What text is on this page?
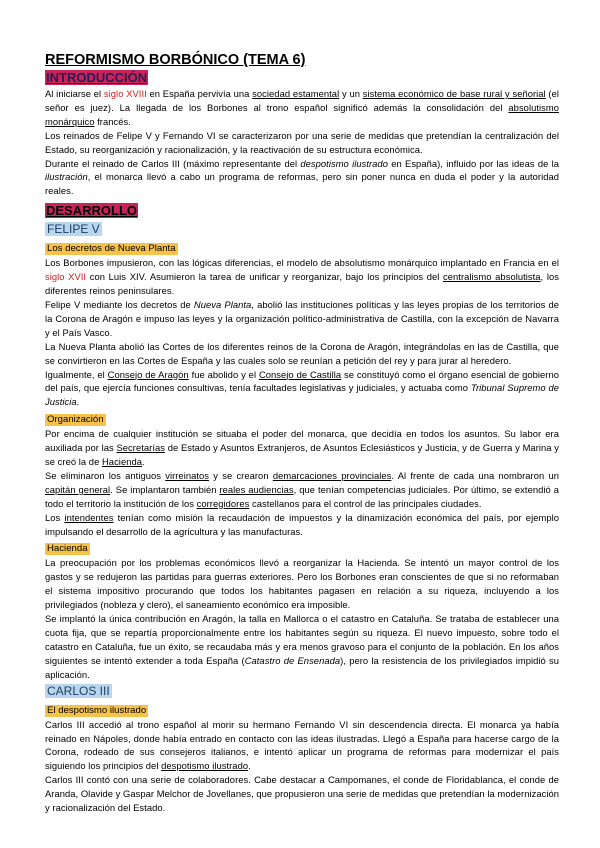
REFORMISMO BORBÓNICO (TEMA 6)
INTRODUCCIÓN

Al iniciarse el siglo XVIII en España pervivía una sociedad estamental y un sistema económico de base rural y señorial (el señor es juez). La llegada de los Borbones al trono español significó además la consolidación del absolutismo monárquico francés.

Los reinados de Felipe V y Fernando VI se caracterizaron por una serie de medidas que pretendían la centralización del Estado, su reorganización y racionalización, y la reactivación de su estructura económica.

Durante el reinado de Carlos III (máximo representante del despotismo ilustrado en España), influido por las ideas de la ilustración, el monarca llevó a cabo un programa de reformas, pero sin poner nunca en duda el poder y la autoridad reales.

DESARROLLO
FELIPE V
Los decretos de Nueva Planta

Los Borbones impusieron, con las lógicas diferencias, el modelo de absolutismo monárquico implantado en Francia en el siglo XVII con Luis XIV. Asumieron la tarea de unificar y reorganizar, bajo los principios del centralismo absolutista, los diferentes reinos peninsulares.

Felipe V mediante los decretos de Nueva Planta, abolió las instituciones políticas y las leyes propias de los territorios de la Corona de Aragón e impuso las leyes y la organización político-administrativa de Castilla, con la excepción de Navarra y el País Vasco.

La Nueva Planta abolió las Cortes de los diferentes reinos de la Corona de Aragón, integrándolas en las de Castilla, que se convirtieron en las Cortes de España y las cuales solo se reunían a petición del rey y para jurar al heredero.

Igualmente, el Consejo de Aragón fue abolido y el Consejo de Castilla se constituyó como el órgano esencial de gobierno del país, que ejercía funciones consultivas, tenía facultades legislativas y judiciales, y actuaba como Tribunal Supremo de Justicia.

Organización

Por encima de cualquier institución se situaba el poder del monarca, que decidía en todos los asuntos. Su labor era auxiliada por las Secretarías de Estado y Asuntos Extranjeros, de Asuntos Eclesiásticos y Justicia, y de Guerra y Marina y se creó la de Hacienda.

Se eliminaron los antiguos virreinatos y se crearon demarcaciones provinciales. Al frente de cada una nombraron un capitán general. Se implantaron también reales audiencias, que tenían competencias judiciales. Por último, se extendió a todo el territorio la institución de los corregidores castellanos para el control de las principales ciudades.

Los intendentes tenían como misión la recaudación de impuestos y la dinamización económica del país, por ejemplo impulsando el desarrollo de la agricultura y las manufacturas.

Hacienda

La preocupación por los problemas económicos llevó a reorganizar la Hacienda. Se intentó un mayor control de los gastos y se redujeron las partidas para guerras exteriores. Pero los Borbones eran conscientes de que si no reformaban el sistema impositivo procurando que todos los habitantes pagasen en relación a su riqueza, incluyendo a los privilegiados (nobleza y clero), el saneamiento económico era imposible.

Se implantó la única contribución en Aragón, la talla en Mallorca o el catastro en Cataluña. Se trataba de establecer una cuota fija, que se repartía proporcionalmente entre los habitantes según su riqueza. El nuevo impuesto, sobre todo el catastro en Cataluña, fue un éxito, se recaudaba más y era menos gravoso para el conjunto de la población. En los años siguientes se intentó extender a toda España (Catastro de Ensenada), pero la resistencia de los privilegiados impidió su aplicación.

CARLOS III
El despotismo ilustrado

Carlos III accedió al trono español al morir su hermano Fernando VI sin descendencia directa. El monarca ya había reinado en Nápoles, donde había entrado en contacto con las ideas ilustradas. Llegó a España para hacerse cargo de la Corona, rodeado de sus consejeros italianos, e intentó aplicar un programa de reformas para modernizar el país siguiendo los principios del despotismo ilustrado.

Carlos III contó con una serie de colaboradores. Cabe destacar a Campomanes, el conde de Floridablanca, el conde de Aranda, Olavide y Gaspar Melchor de Jovellanes, que propusieron una serie de medidas que pretendían la modernización y racionalización del Estado.
